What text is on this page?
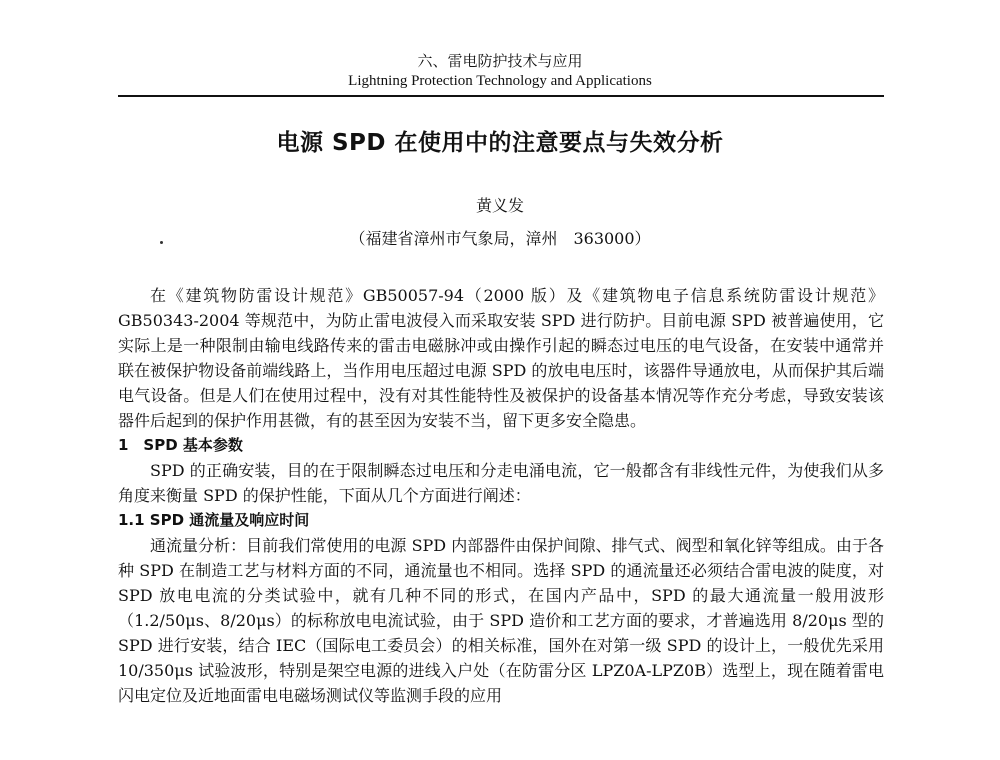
六、雷电防护技术与应用
Lightning Protection Technology and Applications
电源 SPD 在使用中的注意要点与失效分析
黄义发
（福建省漳州市气象局，漳州　363000）

在《建筑物防雷设计规范》GB50057-94（2000 版）及《建筑物电子信息系统防雷设计规范》GB50343-2004 等规范中，为防止雷电波侵入而采取安装 SPD 进行防护。目前电源 SPD 被普遍使用，它实际上是一种限制由输电线路传来的雷击电磁脉冲或由操作引起的瞬态过电压的电气设备，在安装中通常并联在被保护物设备前端线路上，当作用电压超过电源 SPD 的放电电压时，该器件导通放电，从而保护其后端电气设备。但是人们在使用过程中，没有对其性能特性及被保护的设备基本情况等作充分考虑，导致安装该器件后起到的保护作用甚微，有的甚至因为安装不当，留下更多安全隐患。

1　SPD 基本参数

SPD 的正确安装，目的在于限制瞬态过电压和分走电涌电流，它一般都含有非线性元件，为使我们从多角度来衡量 SPD 的保护性能，下面从几个方面进行阐述：

1.1 SPD 通流量及响应时间

通流量分析：目前我们常使用的电源 SPD 内部器件由保护间隙、排气式、阀型和氧化锌等组成。由于各种 SPD 在制造工艺与材料方面的不同，通流量也不相同。选择 SPD 的通流量还必须结合雷电波的陡度，对 SPD 放电电流的分类试验中，就有几种不同的形式，在国内产品中，SPD 的最大通流量一般用波形（1.2/50μs、8/20μs）的标称放电电流试验，由于 SPD 造价和工艺方面的要求，才普遍选用 8/20μs 型的 SPD 进行安装，结合 IEC（国际电工委员会）的相关标准，国外在对第一级 SPD 的设计上，一般优先采用 10/350μs 试验波形，特别是架空电源的进线入户处（在防雷分区 LPZ0A-LPZ0B）选型上，现在随着雷电闪电定位及近地面雷电电磁场测试仪等监测手段的应用
